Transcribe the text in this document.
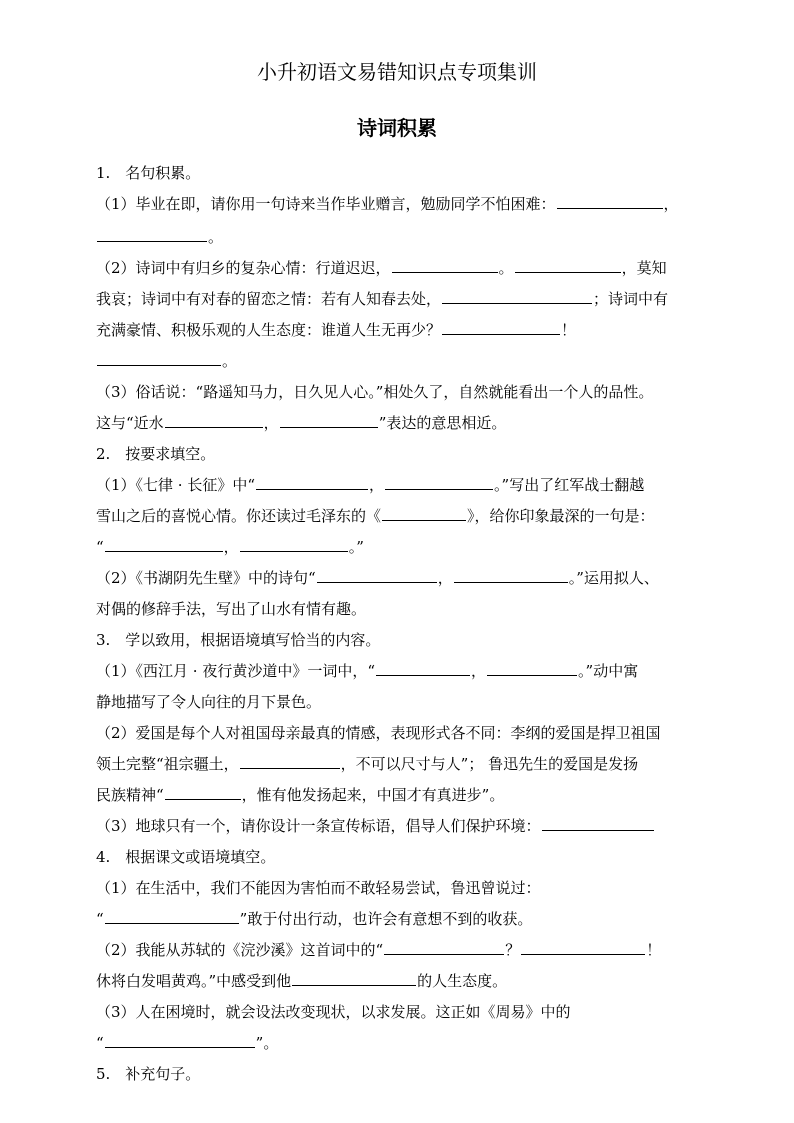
小升初语文易错知识点专项集训
诗词积累
1.　名句积累。
（1）毕业在即，请你用一句诗来当作毕业赠言，勉励同学不怕困难：	，
。
（2）诗词中有归乡的复杂心情：行道迟迟，	。	，莫知
我哀；诗词中有对春的留恋之情：若有人知春去处，	；诗词中有
充满豪情、积极乐观的人生态度：谁道人生无再少？	！
。
（3）俗话说：“路遥知马力，日久见人心。”相处久了，自然就能看出一个人的品性。
这与“近水	，	”表达的意思相近。
2.　按要求填空。
（1）《七律 · 长征》中“	，	。”写出了红军战士翻越
雪山之后的喜悦心情。你还读过毛泽东的《	》，给你印象最深的一句是：
“	，	。”
（2）《书湖阴先生壁》中的诗句“	，	。”运用拟人、
对偶的修辞手法，写出了山水有情有趣。
3.　学以致用，根据语境填写恰当的内容。
（1）《西江月 · 夜行黄沙道中》一词中，“	，	。”动中寓
静地描写了令人向往的月下景色。
（2）爱国是每个人对祖国母亲最真的情感，表现形式各不同：李纲的爱国是捍卫祖国
领土完整“祖宗疆土，	，不可以尺寸与人”； 鲁迅先生的爱国是发扬
民族精神“	，惟有他发扬起来，中国才有真进步”。
（3）地球只有一个，请你设计一条宣传标语，倡导人们保护环境：
4.　根据课文或语境填空。
（1）在生活中，我们不能因为害怕而不敢轻易尝试，鲁迅曾说过：
“	”敢于付出行动，也许会有意想不到的收获。
（2）我能从苏轼的《浣沙溪》这首词中的“	？	！
休将白发唱黄鸡。”中感受到他	的人生态度。
（3）人在困境时，就会设法改变现状，以求发展。这正如《周易》中的
“	”。
5.　补充句子。
